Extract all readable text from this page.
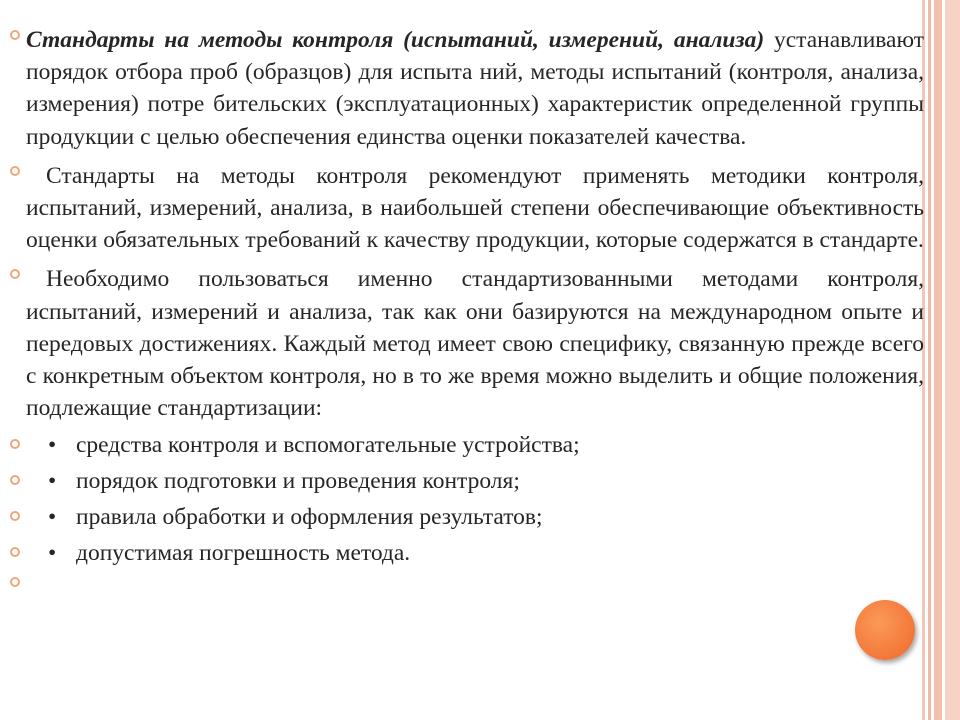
Стандарты на методы контроля (испытаний, измерений, анализа) устанавливают порядок отбора проб (образцов) для испыта ний, методы испытаний (контроля, анализа, измерения) потре бительских (эксплуатационных) характеристик определенной группы продукции с целью обеспечения единства оценки показателей качества.

Стандарты на методы контроля рекомендуют применять методики контроля, испытаний, измерений, анализа, в наибольшей степени обеспечивающие объективность оценки обязательных требований к качеству продукции, которые содержатся в стандарте.

Необходимо пользоваться именно стандартизованными методами контроля, испытаний, измерений и анализа, так как они базируются на международном опыте и передовых достижениях. Каждый метод имеет свою специфику, связанную прежде всего с конкретным объектом контроля, но в то же время можно выделить и общие положения, подлежащие стандартизации:

• средства контроля и вспомогательные устройства;
• порядок подготовки и проведения контроля;
• правила обработки и оформления результатов;
• допустимая погрешность метода.
